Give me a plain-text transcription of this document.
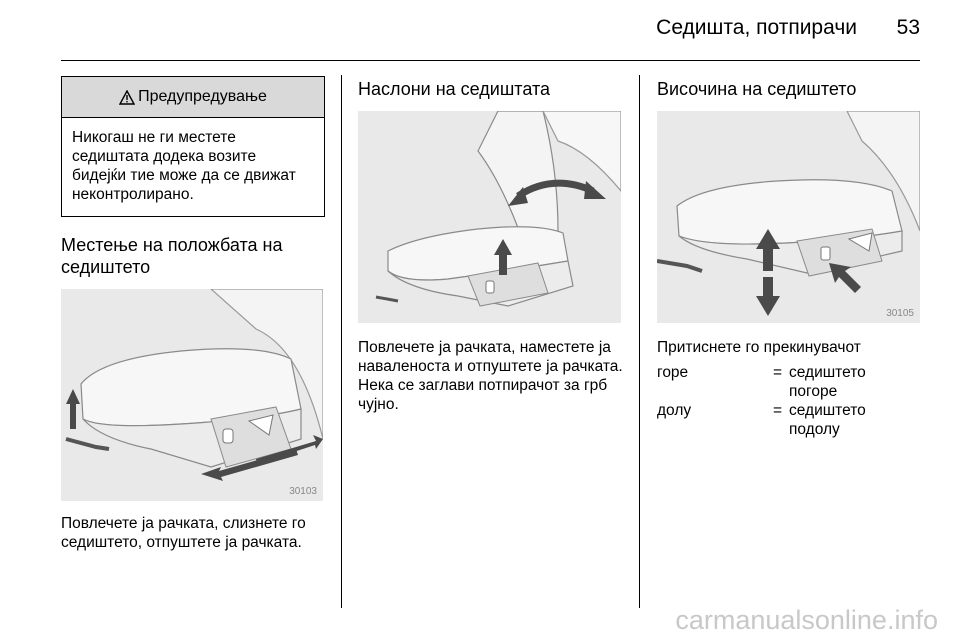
Седишта, потпирачи 53
Предупредување
Никогаш не ги местете седиштата додека возите бидејќи тие може да се движат неконтролирано.
Местење на положбата на седиштето
30103

Повлечете ја рачката, слизнете го седиштето, отпуштете ја рачката.

Наслони на седиштата

Повлечете ја рачката, наместете ја наваленоста и отпуштете ја рачката. Нека се заглави потпирачот за грб чујно.

Височина на седиштето
30105

Притиснете го прекинувачот

горе	= седиштето погоре
долу	= седиштето подолу
carmanualsonline.info
